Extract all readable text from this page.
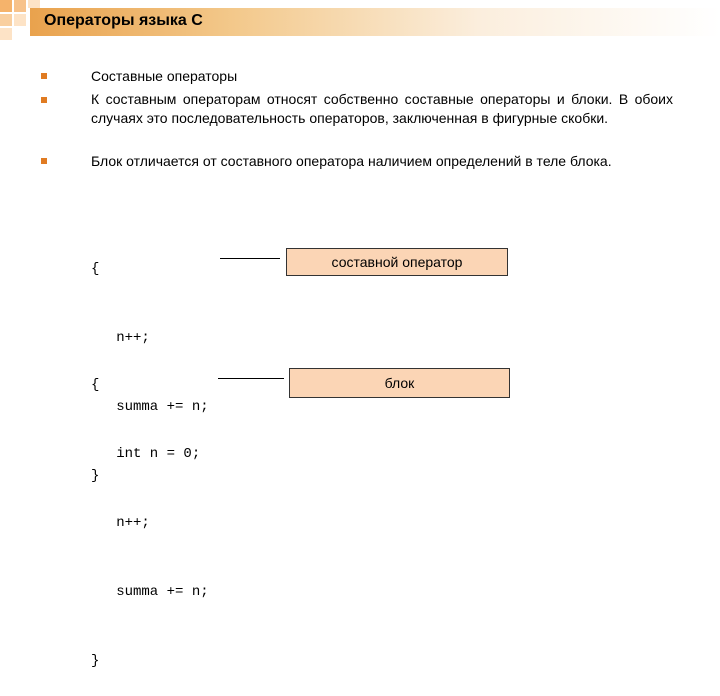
Операторы языка С
Составные операторы
К составным операторам относят собственно составные операторы и блоки. В обоих случаях это последовательность операторов, заключенная в фигурные скобки.
Блок отличается от составного оператора наличием определений в теле блока.

{

n++;

summa += n;

}

составной оператор

{

int n = 0;

n++;

summa += n;

}

блок
